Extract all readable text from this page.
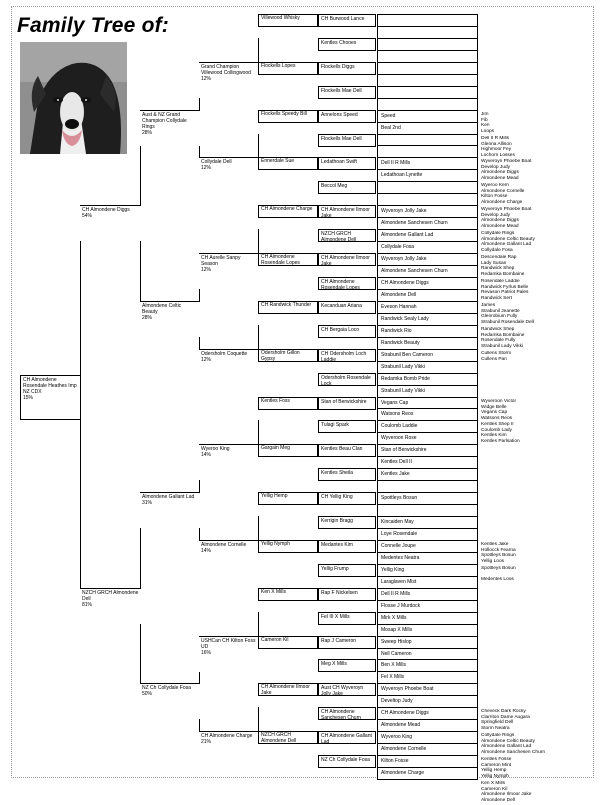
Family Tree of:
CH Almondene Rosendale Heathes Imp NZ CDX
15%
CH Almondene Diggs
54%
NZCH GRCH Almondene Dell
81%
Aust & NZ Grand Champion Collydale Rings
28%
Almondene Celtic Beauty
28%
Almondene Gallant Lad
31%
NZ Ch Collydale Fosa
50%
Grand Champion Villewood Collingwood
12%
Collydale Dell
12%
CH Aurelle Sanpy Season
12%
Odersholm Coquette
12%
Wyeroo King
14%
Almondene Cornelle
14%
USHCan CH Kilton Foss UD
16%
CH Almondene Charge
21%
Villewood Whisky
Flockells Lopes
Flockells Speedy Bill
Ennerdale Sue
CH Almondene Charge
CH Almondene Rosendale Lopes
CH Randwick Thunder
Odersholm Gillon Gypsy
Kentles Foss
Gargain Meg
Yellig Hemp
Yellig Nymph
Ken X Mills
Cameron Kil
CH Almondene Ilmoor Jake
NZCH GRCH Almondene Dell
CH Burwood Lance
Kentles Chooes
Flockells Diggs
Flockells Mae Dell
Annelons Speed
Flockells Mae Dell
Ledathoan Swift
Beccol Meg
CH Almondene Ilmoor Jake
NZCH GRCH Almondene Dell
CH Almondene Ilmoor Jake
CH Almondene Rosendale Lopes
Kecanduan Ariana
CH Bergaia Loco
CH Odersholm Loch Laddie
Odersholm Rosendale Lock
Stan of Berwickshire
Tulagi Spark
Kentles Beau Clan
Kentles Sheila
CH Yellig King
Kerrigin Bragg
Medantes Kim
Yellig Frump
Rap F Nickelsen
Fel III X Mills
Rap J Cameron
Meg X Mills
Aust CH Wyveroyn Jolly Jake
CH Almondene Sanchesen Churn
CH Almondene Gallant Lad
NZ Ch Collydale Fosa
Speed
Beal 2nd
Dell II R Mills
Ledathoan Lynette
Wyveroyn Jolly Jake
Almondene Sanchesen Churn
Almondene Gallant Lad
Collydale Fosa
Wyveroyn Jolly Jake
Almondene Sanchesen Churn
CH Almondene Diggs
Almondene Dell
Eveson Hannah
Randwick Sealy Lady
Randwick Rio
Randwick Beauty
Strabunil Ben Cameron
Strabunil Lady Vikki
Redamka Bomb Pride
Strabunil Lady Vikki
Vegans Cap
Watsons Reos
Coulomb Laddie
Wyveroon Rose
Stan of Berwickshire
Kentles Dell II
Kentles Jake
Spottleys Bosun
Kincaiden May
Loye Rosendale
Connelle Joupe
Medentes Neatra
Yellig King
Laraglaven Mist
Dell II R Mills
Flosse J Murdock
Mirk X Mills
Mosap X Mills
Sweep Hislop
Nell Cameron
Ben X Mills
Fel X Mills
Wyveroyn Phoebe Boat
Develtop Judy
CH Almondene Diggs
Almondene Mead
Wyveroo King
Almondene Cornelle
Kilton Fosse
Almondene Charge
Jim
Fib
Ken
Loops
Dell II R Mills
Glenna Allison
Highmoor Fey
Lochorn Losses
Wyveroyn Phoebe Boat
Develop Judy
Almondene Diggs
Almondene Mead
Wyeroo Kern
Almondene Cornelle
Kilton Fosse
Almondene Charge
Wyveroyn Phoebe Boat
Develop Judy
Almondene Diggs
Almondene Mead
Collydale Rings
Almondene Celtic Beauty
Almondene Gallant Lad
Collydale Fosa
Descendale Rap
Lady Susan
Randwick Shep
Redamka Bombaine
Rosendale Laddie
Randwick Fyrlus Belle
Revason Patriot Pales
Randwick Sert
James
Strabunil Jeanette
Glenrobium Fully
Strabunil Rosendale Dell
Randwick Shep
Redamka Bombaine
Rosendale Fully
Strabunil Lady Vikki
Cullens Storm
Cullens Pan
Wyveroon Victor
Widge Belle
Vegans Cap
Watsons Reos
Kentles Shep II
Coulomb Lady
Kentles Kim
Kentles Parlsation
Kentles Jake
Hollocck Fearna
Spottleys Bosun
Yellig Loos
Spottleys Bosun

Medentes Loos
Cheveck Dark Rocky
Clarriton Dame Augara
Springfield Dell
Storm Neatra
Collydale Rings
Almondene Celtic Beauty
Almondene Gallant Lad
Almondene Sanchesen Churn
Kentles Fosse
Cameron Mint
Yellig Hemp
Yellig Nymph
Ken X Mills
Cameron Kil
Almondene Ilmoor Jake
Almondene Dell
